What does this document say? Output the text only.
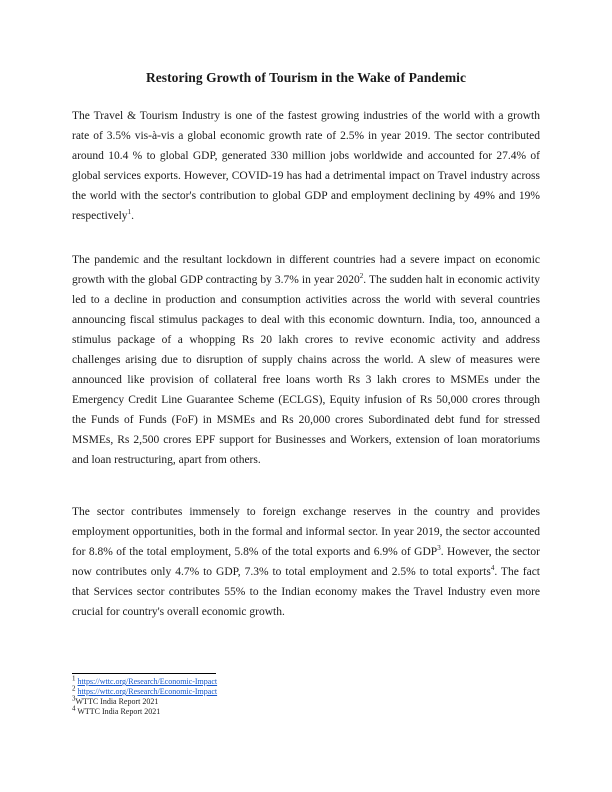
Restoring Growth of Tourism in the Wake of Pandemic

The Travel & Tourism Industry is one of the fastest growing industries of the world with a growth rate of 3.5% vis-à-vis a global economic growth rate of 2.5% in year 2019. The sector contributed around 10.4 % to global GDP, generated 330 million jobs worldwide and accounted for 27.4% of global services exports. However, COVID-19 has had a detrimental impact on Travel industry across the world with the sector's contribution to global GDP and employment declining by 49% and 19% respectively$^1$.

The pandemic and the resultant lockdown in different countries had a severe impact on economic growth with the global GDP contracting by 3.7% in year 2020$^2$. The sudden halt in economic activity led to a decline in production and consumption activities across the world with several countries announcing fiscal stimulus packages to deal with this economic downturn. India, too, announced a stimulus package of a whopping Rs 20 lakh crores to revive economic activity and address challenges arising due to disruption of supply chains across the world. A slew of measures were announced like provision of collateral free loans worth Rs 3 lakh crores to MSMEs under the Emergency Credit Line Guarantee Scheme (ECLGS), Equity infusion of Rs 50,000 crores through the Funds of Funds (FoF) in MSMEs and Rs 20,000 crores Subordinated debt fund for stressed MSMEs, Rs 2,500 crores EPF support for Businesses and Workers, extension of loan moratoriums and loan restructuring, apart from others.

The sector contributes immensely to foreign exchange reserves in the country and provides employment opportunities, both in the formal and informal sector. In year 2019, the sector accounted for 8.8% of the total employment, 5.8% of the total exports and 6.9% of GDP$^3$. However, the sector now contributes only 4.7% to GDP, 7.3% to total employment and 2.5% to total exports$^4$. The fact that Services sector contributes 55% to the Indian economy makes the Travel Industry even more crucial for country's overall economic growth.

$^1$ https://wttc.org/Research/Economic-Impact

$^2$ https://wttc.org/Research/Economic-Impact

$^3$WTTC India Report 2021

$^4$ WTTC India Report 2021
